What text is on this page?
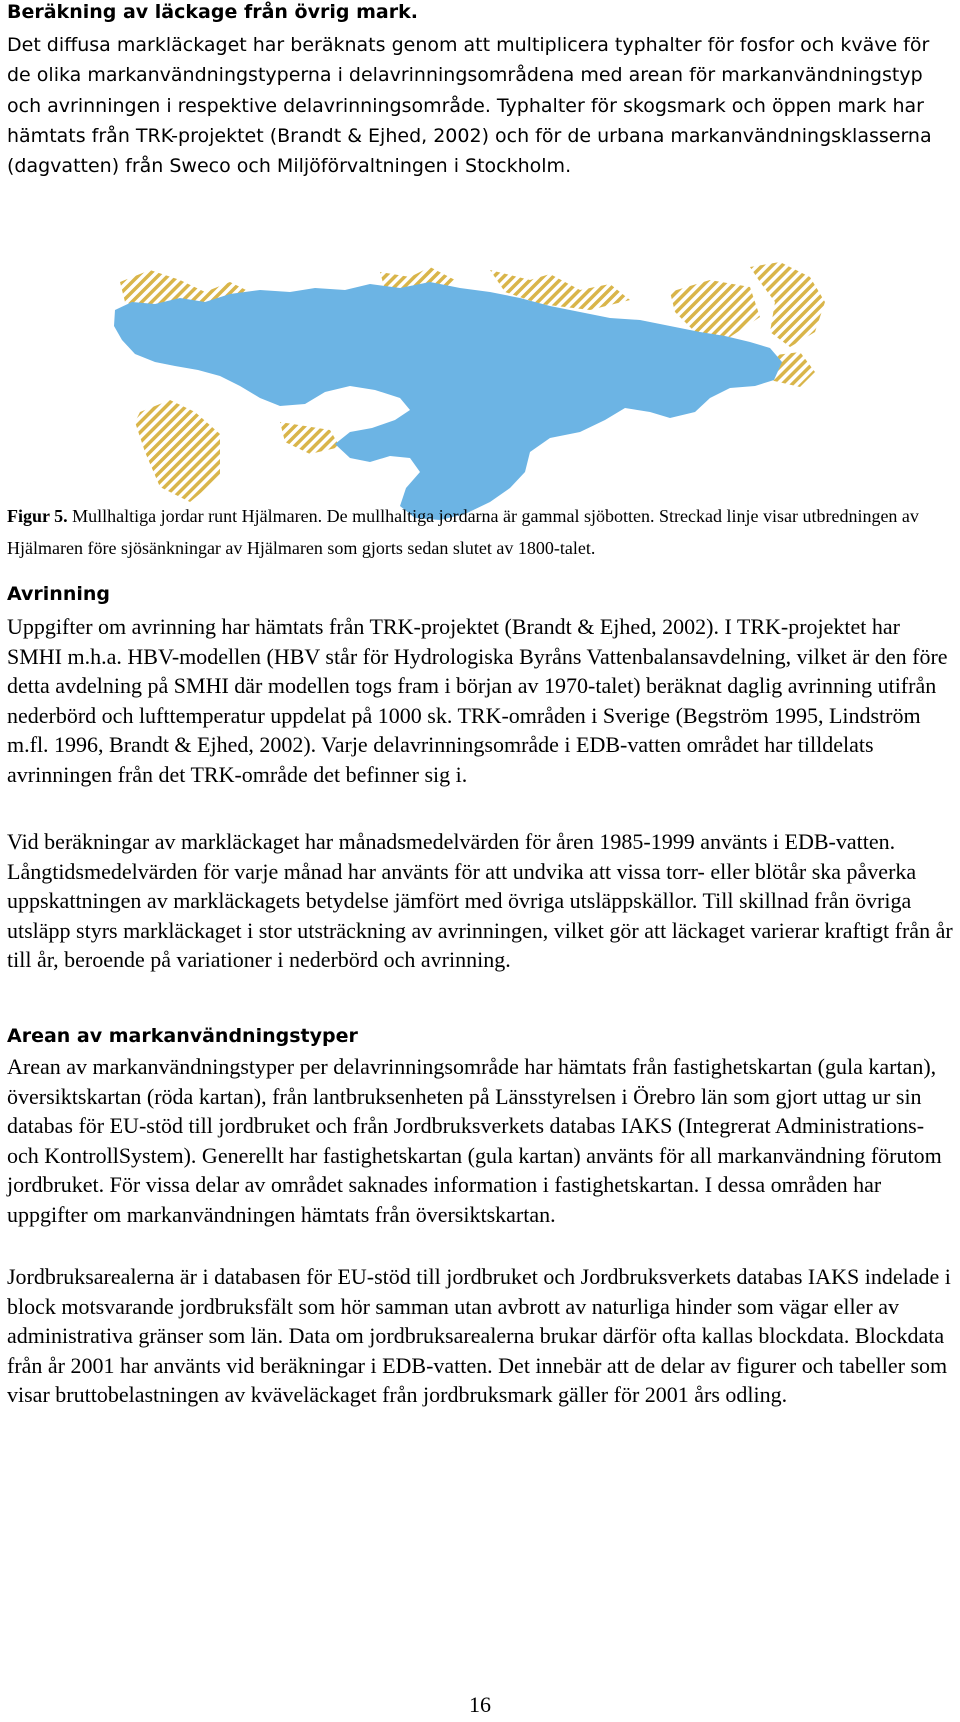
Beräkning av läckage från övrig mark.

Det diffusa markläckaget har beräknats genom att multiplicera typhalter för fosfor och kväve för de olika markanvändningstyperna i delavrinningsområdena med arean för markanvändningstyp och avrinningen i respektive delavrinningsområde. Typhalter för skogsmark och öppen mark har hämtats från TRK-projektet (Brandt & Ejhed, 2002) och för de urbana markanvändningsklasserna (dagvatten) från Sweco och Miljöförvaltningen i Stockholm.

Figur 5. Mullhaltiga jordar runt Hjälmaren. De mullhaltiga jordarna är gammal sjöbotten. Streckad linje visar utbredningen av Hjälmaren före sjösänkningar av Hjälmaren som gjorts sedan slutet av 1800-talet.

Avrinning

Uppgifter om avrinning har hämtats från TRK-projektet (Brandt & Ejhed, 2002). I TRK-projektet har SMHI m.h.a. HBV-modellen (HBV står för Hydrologiska Byråns Vattenbalansavdelning, vilket är den före detta avdelning på SMHI där modellen togs fram i början av 1970-talet) beräknat daglig avrinning utifrån nederbörd och lufttemperatur uppdelat på 1000 sk. TRK-områden i Sverige (Begström 1995, Lindström m.fl. 1996, Brandt & Ejhed, 2002). Varje delavrinningsområde i EDB-vatten området har tilldelats avrinningen från det TRK-område det befinner sig i.

Vid beräkningar av markläckaget har månadsmedelvärden för åren 1985-1999 använts i EDB-vatten. Långtidsmedelvärden för varje månad har använts för att undvika att vissa torr- eller blötår ska påverka uppskattningen av markläckagets betydelse jämfört med övriga utsläppskällor. Till skillnad från övriga utsläpp styrs markläckaget i stor utsträckning av avrinningen, vilket gör att läckaget varierar kraftigt från år till år, beroende på variationer i nederbörd och avrinning.

Arean av markanvändningstyper

Arean av markanvändningstyper per delavrinningsområde har hämtats från fastighetskartan (gula kartan), översiktskartan (röda kartan), från lantbruksenheten på Länsstyrelsen i Örebro län som gjort uttag ur sin databas för EU-stöd till jordbruket och från Jordbruksverkets databas IAKS (Integrerat Administrations- och KontrollSystem). Generellt har fastighetskartan (gula kartan) använts för all markanvändning förutom jordbruket. För vissa delar av området saknades information i fastighetskartan. I dessa områden har uppgifter om markanvändningen hämtats från översiktskartan.

Jordbruksarealerna är i databasen för EU-stöd till jordbruket och Jordbruksverkets databas IAKS indelade i block motsvarande jordbruksfält som hör samman utan avbrott av naturliga hinder som vägar eller av administrativa gränser som län. Data om jordbruksarealerna brukar därför ofta kallas blockdata. Blockdata från år 2001 har använts vid beräkningar i EDB-vatten. Det innebär att de delar av figurer och tabeller som visar bruttobelastningen av kväveläckaget från jordbruksmark gäller för 2001 års odling.

16
